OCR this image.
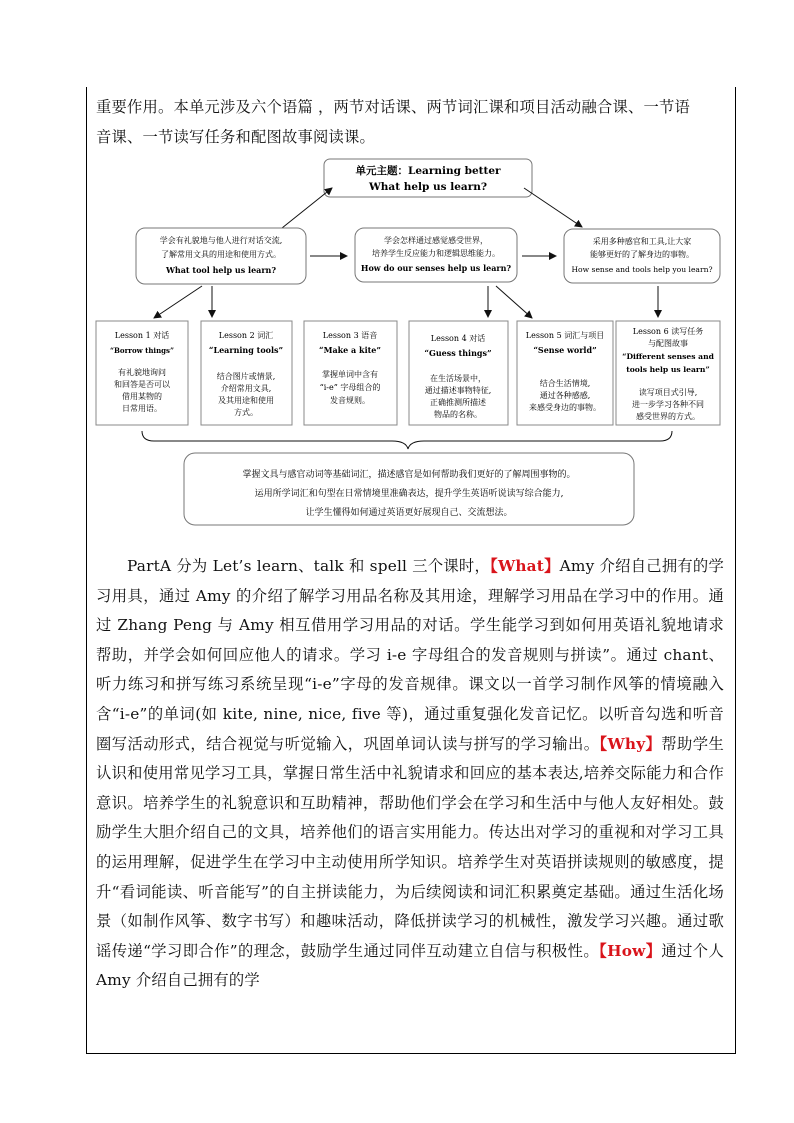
重要作用。本单元涉及六个语篇 ，两节对话课、两节词汇课和项目活动融合课、一节语
音课、一节读写任务和配图故事阅读课。

单元主题：Learning better
What help us learn?
学会有礼貌地与他人进行对话交流,
了解常用文具的用途和使用方式。
What tool help us learn?
学会怎样通过感觉感受世界，
培养学生反应能力和逻辑思维能力。
How do our senses help us learn?
采用多种感官和工具,让大家
能够更好的了解身边的事物。
How sense and tools help you learn?
Lesson 1 对话
“Borrow things”
有礼貌地询问
和回答是否可以
借用某物的
日常用语。
Lesson 2 词汇
“Learning tools”
结合图片或情景,
介绍常用文具,
及其用途和使用
方式。
Lesson 3 语音
“Make a kite”
掌握单词中含有
“i-e” 字母组合的
发音规则。
Lesson 4 对话
“Guess things”
在生活场景中，
通过描述事物特征,
正确推测所描述
物品的名称。
Lesson 5 词汇与项目
“Sense world”
结合生活情境,
通过各种感感,
来感受身边的事物。
Lesson 6 读写任务
与配图故事
“Different senses and
tools help us learn”
读写项目式引导,
进一步学习各种不同
感受世界的方式。
掌握文具与感官动词等基础词汇，描述感官是如何帮助我们更好的了解周围事物的。
运用所学词汇和句型在日常情境里准确表达，提升学生英语听说读写综合能力,
让学生懂得如何通过英语更好展现自己、交流想法。

PartA 分为 Let’s learn、talk 和 spell 三个课时，【What】Amy 介绍自己拥有的学习用具，通过 Amy 的介绍了解学习用品名称及其用途，理解学习用品在学习中的作用。通过 Zhang Peng 与 Amy 相互借用学习用品的对话。学生能学习到如何用英语礼貌地请求帮助，并学会如何回应他人的请求。学习 i-e 字母组合的发音规则与拼读”。通过 chant、听力练习和拼写练习系统呈现“i-e”字母的发音规律。课文以一首学习制作风筝的情境融入含“i-e”的单词(如 kite, nine, nice, five 等)，通过重复强化发音记忆。以听音勾选和听音圈写活动形式，结合视觉与听觉输入，巩固单词认读与拼写的学习输出。【Why】帮助学生认识和使用常见学习工具，掌握日常生活中礼貌请求和回应的基本表达,培养交际能力和合作意识。培养学生的礼貌意识和互助精神，帮助他们学会在学习和生活中与他人友好相处。鼓励学生大胆介绍自己的文具，培养他们的语言实用能力。传达出对学习的重视和对学习工具的运用理解，促进学生在学习中主动使用所学知识。培养学生对英语拼读规则的敏感度，提升“看词能读、听音能写”的自主拼读能力，为后续阅读和词汇积累奠定基础。通过生活化场景（如制作风筝、数字书写）和趣味活动，降低拼读学习的机械性，激发学习兴趣。通过歌谣传递“学习即合作”的理念，鼓励学生通过同伴互动建立自信与积极性。【How】通过个人 Amy 介绍自己拥有的学
